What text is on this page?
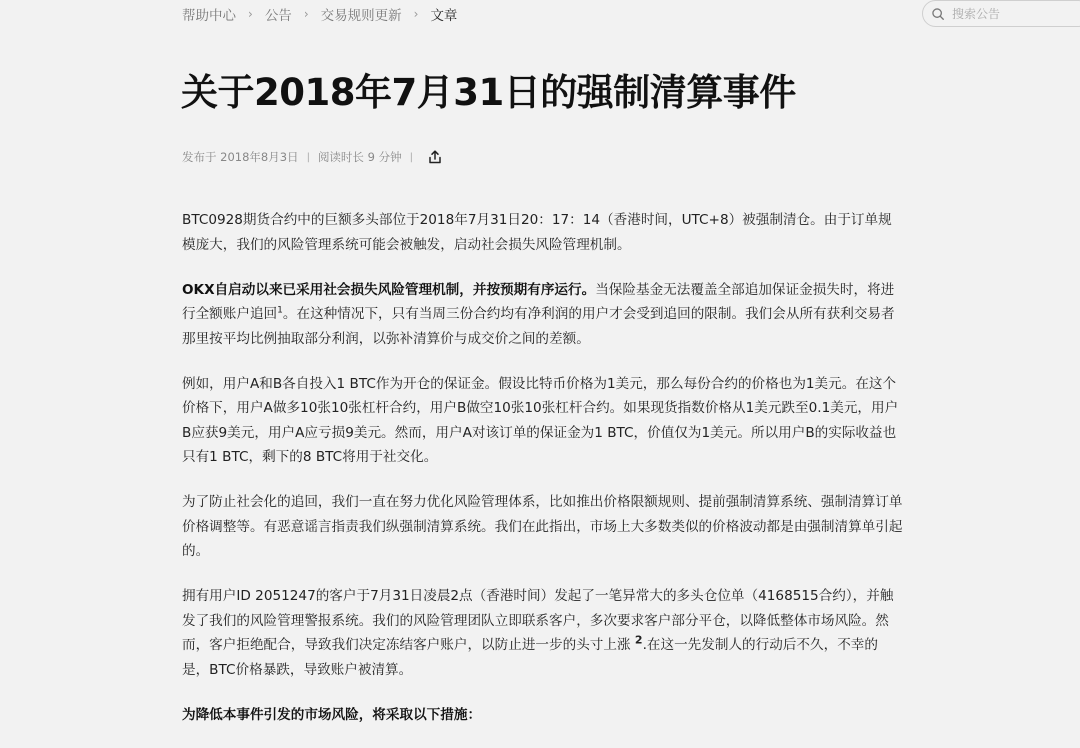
帮助中心 › 公告 › 交易规则更新 › 文章
搜索公告
关于2018年7月31日的强制清算事件
发布于 2018年8月3日 | 阅读时长 9 分钟 |

BTC0928期货合约中的巨额多头部位于2018年7月31日20：17：14（香港时间，UTC+8）被强制清仓。由于订单规模庞大，我们的风险管理系统可能会被触发，启动社会损失风险管理机制。

OKX自启动以来已采用社会损失风险管理机制，并按预期有序运行。当保险基金无法覆盖全部追加保证金损失时，将进行全额账户追回$^1$。在这种情况下，只有当周三份合约均有净利润的用户才会受到追回的限制。我们会从所有获利交易者那里按平均比例抽取部分利润，以弥补清算价与成交价之间的差额。

例如，用户A和B各自投入1 BTC作为开仓的保证金。假设比特币价格为1美元，那么每份合约的价格也为1美元。在这个价格下，用户A做多10张10张杠杆合约，用户B做空10张10张杠杆合约。如果现货指数价格从1美元跌至0.1美元，用户B应获9美元，用户A应亏损9美元。然而，用户A对该订单的保证金为1 BTC，价值仅为1美元。所以用户B的实际收益也只有1 BTC，剩下的8 BTC将用于社交化。

为了防止社会化的追回，我们一直在努力优化风险管理体系，比如推出价格限额规则、提前强制清算系统、强制清算订单价格调整等。有恶意谣言指责我们纵强制清算系统。我们在此指出，市场上大多数类似的价格波动都是由强制清算单引起的。

拥有用户ID 2051247的客户于7月31日凌晨2点（香港时间）发起了一笔异常大的多头仓位单（4168515合约），并触发了我们的风险管理警报系统。我们的风险管理团队立即联系客户，多次要求客户部分平仓，以降低整体市场风险。然而，客户拒绝配合，导致我们决定冻结客户账户，以防止进一步的头寸上涨 $^2$.在这一先发制人的行动后不久，不幸的是，BTC价格暴跌，导致账户被清算。

为降低本事件引发的市场风险，将采取以下措施：
